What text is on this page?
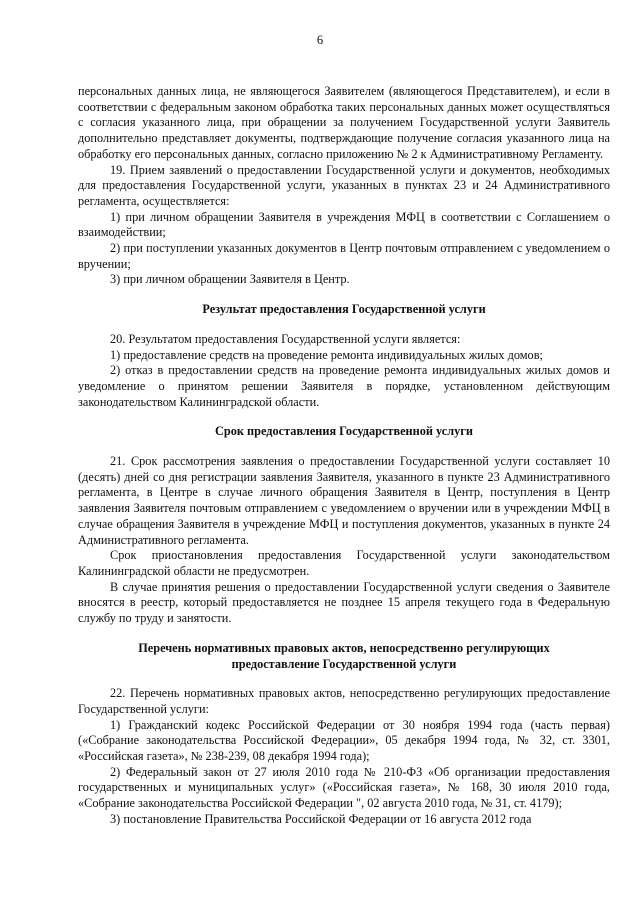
6

персональных данных лица, не являющегося Заявителем (являющегося Представителем), и если в соответствии с федеральным законом обработка таких персональных данных может осуществляться с согласия указанного лица, при обращении за получением Государственной услуги Заявитель дополнительно представляет документы, подтверждающие получение согласия указанного лица на обработку его персональных данных, согласно приложению № 2 к Административному Регламенту.

19. Прием заявлений о предоставлении Государственной услуги и документов, необходимых для предоставления Государственной услуги, указанных в пунктах 23 и 24 Административного регламента, осуществляется:

1) при личном обращении Заявителя в учреждения МФЦ в соответствии с Соглашением о взаимодействии;

2) при поступлении указанных документов в Центр почтовым отправлением с уведомлением о вручении;

3) при личном обращении Заявителя в Центр.

Результат предоставления Государственной услуги

20. Результатом предоставления Государственной услуги является:

1) предоставление средств на проведение ремонта индивидуальных жилых домов;

2) отказ в предоставлении средств на проведение ремонта индивидуальных жилых домов и уведомление о принятом решении Заявителя в порядке, установленном действующим законодательством Калининградской области.

Срок предоставления Государственной услуги

21. Срок рассмотрения заявления о предоставлении Государственной услуги составляет 10 (десять) дней со дня регистрации заявления Заявителя, указанного в пункте 23 Административного регламента, в Центре в случае личного обращения Заявителя в Центр, поступления в Центр заявления Заявителя почтовым отправлением с уведомлением о вручении или в учреждении МФЦ в случае обращения Заявителя в учреждение МФЦ и поступления документов, указанных в пункте 24 Административного регламента.

Срок приостановления предоставления Государственной услуги законодательством Калининградской области не предусмотрен.

В случае принятия решения о предоставлении Государственной услуги сведения о Заявителе вносятся в реестр, который предоставляется не позднее 15 апреля текущего года в Федеральную службу по труду и занятости.

Перечень нормативных правовых актов, непосредственно регулирующих
предоставление Государственной услуги

22. Перечень нормативных правовых актов, непосредственно регулирующих предоставление Государственной услуги:

1) Гражданский кодекс Российской Федерации от 30 ноября 1994 года (часть первая) («Собрание законодательства Российской Федерации», 05 декабря 1994 года, № 32, ст. 3301, «Российская газета», № 238-239, 08 декабря 1994 года);

2) Федеральный закон от 27 июля 2010 года № 210-ФЗ «Об организации предоставления государственных и муниципальных услуг» («Российская газета», № 168, 30 июля 2010 года, «Собрание законодательства Российской Федерации ", 02 августа 2010 года, № 31, ст. 4179);

3) постановление Правительства Российской Федерации от 16 августа 2012 года
